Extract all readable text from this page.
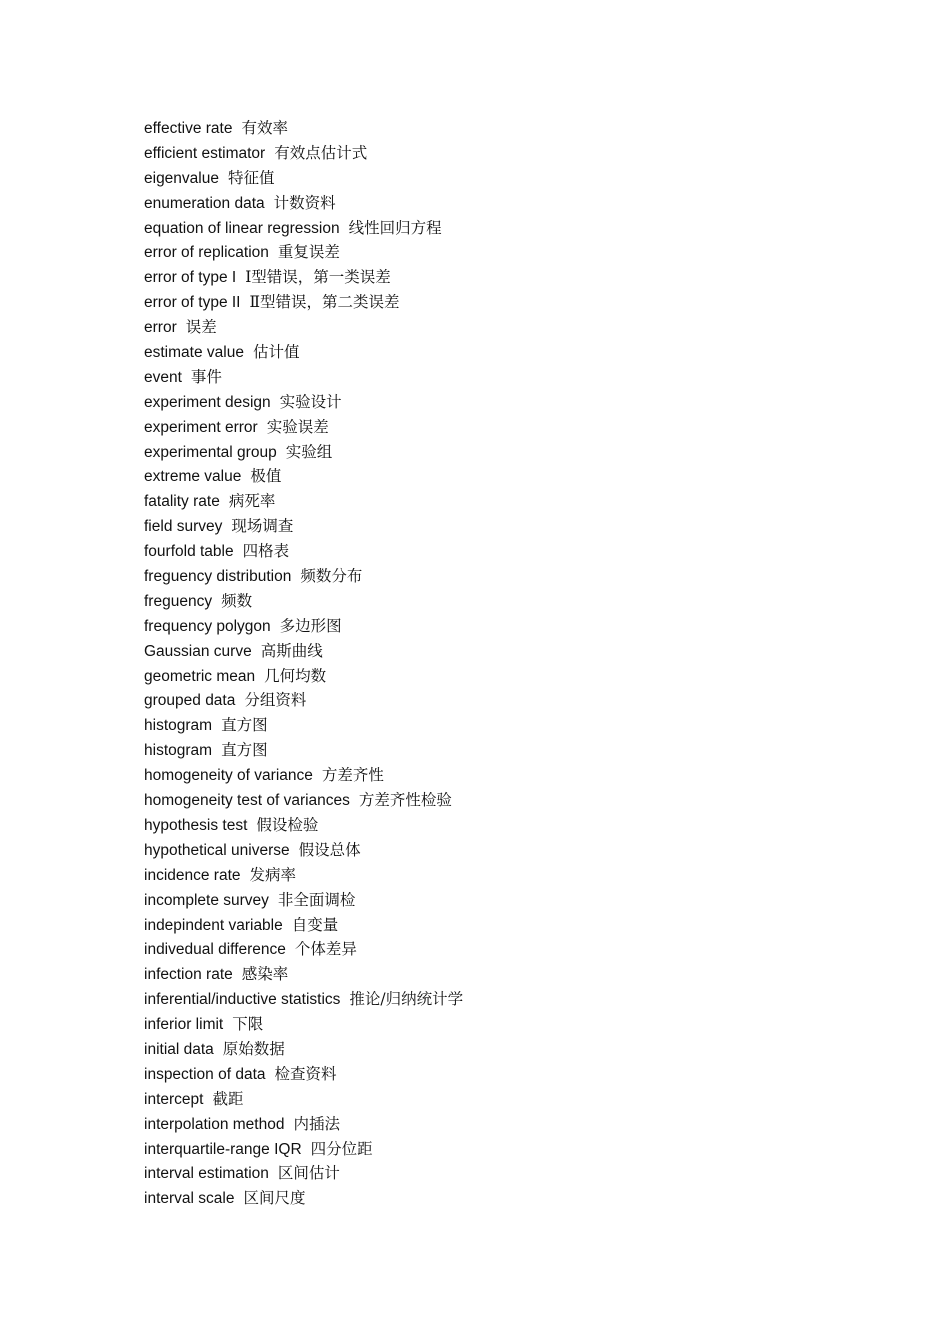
effective rate 有效率
efficient estimator 有效点估计式
eigenvalue 特征值
enumeration data 计数资料
equation of linear regression 线性回归方程
error of replication 重复误差
error of type I Ⅰ型错误，第一类误差
error of type II Ⅱ型错误，第二类误差
error 误差
estimate value 估计值
event 事件
experiment design 实验设计
experiment error 实验误差
experimental group 实验组
extreme value 极值
fatality rate 病死率
field survey 现场调查
fourfold table 四格表
freguency distribution 频数分布
freguency 频数
frequency polygon 多边形图
Gaussian curve 高斯曲线
geometric mean 几何均数
grouped data 分组资料
histogram 直方图
histogram 直方图
homogeneity of variance 方差齐性
homogeneity test of variances 方差齐性检验
hypothesis test 假设检验
hypothetical universe 假设总体
incidence rate 发病率
incomplete survey 非全面调检
indepindent variable 自变量
indivedual difference 个体差异
infection rate 感染率
inferential/inductive statistics 推论/归纳统计学
inferior limit 下限
initial data 原始数据
inspection of data 检查资料
intercept 截距
interpolation method 内插法
interquartile-range IQR 四分位距
interval estimation 区间估计
interval scale 区间尺度
